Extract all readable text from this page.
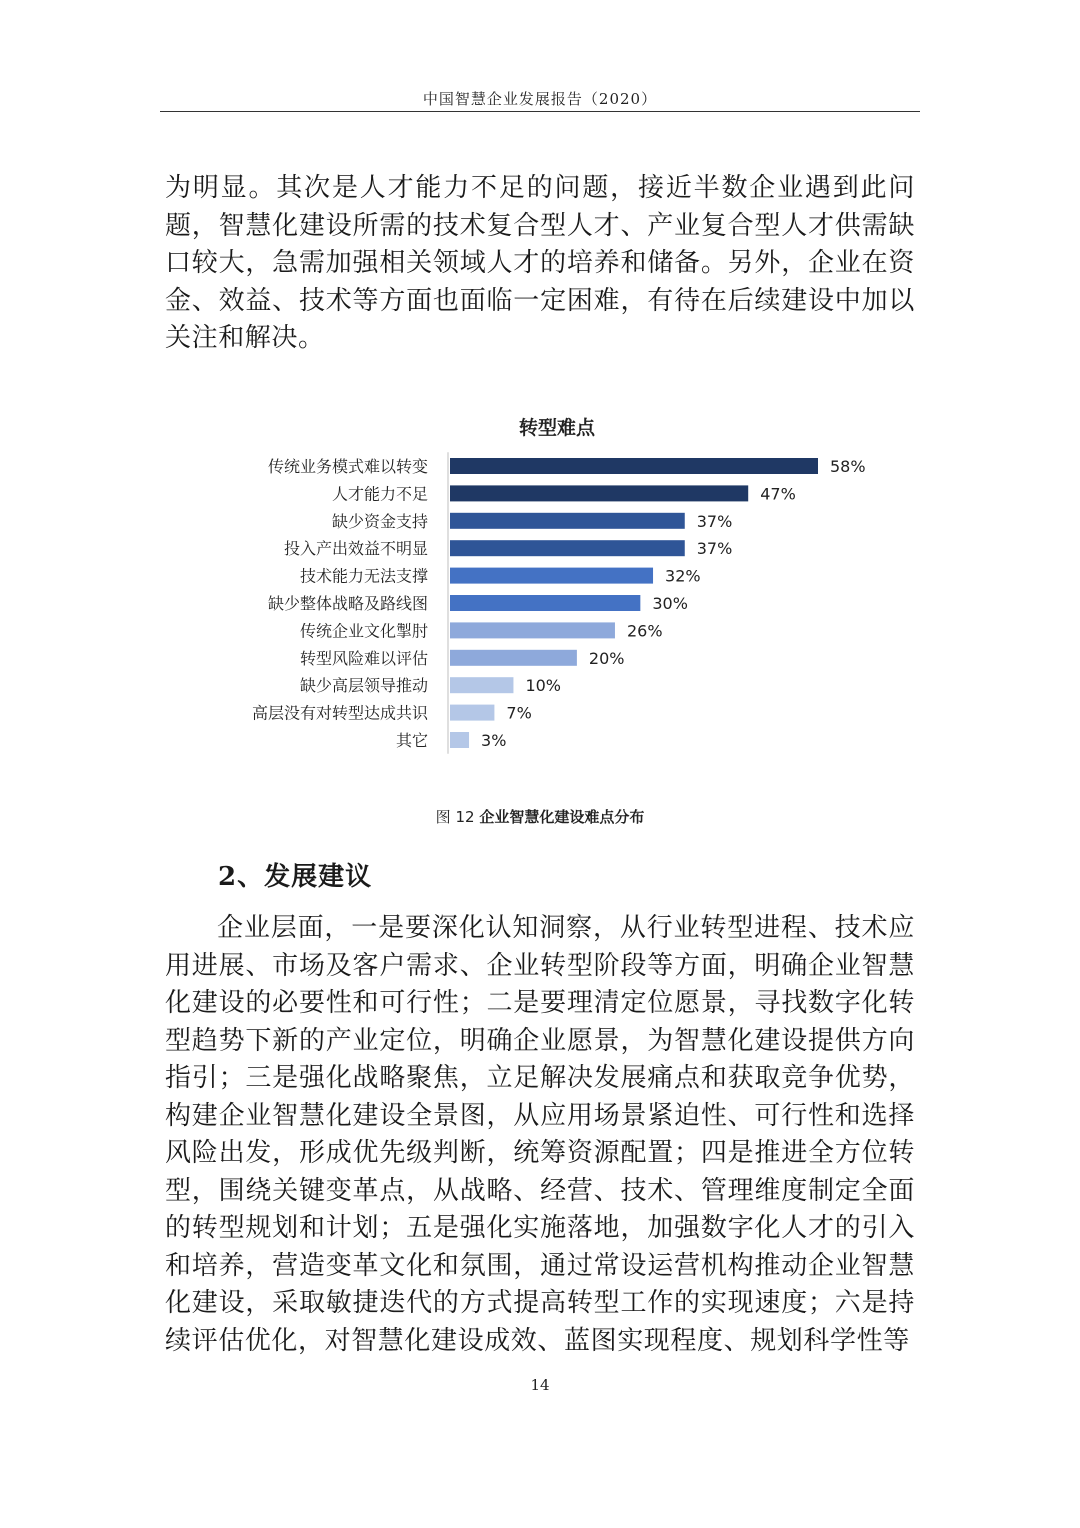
中国智慧企业发展报告（2020）

为明显。其次是人才能力不足的问题，接近半数企业遇到此问题，智慧化建设所需的技术复合型人才、产业复合型人才供需缺口较大，急需加强相关领域人才的培养和储备。另外，企业在资金、效益、技术等方面也面临一定困难，有待在后续建设中加以关注和解决。

转型难点
传统业务模式难以转变	58%
人才能力不足	47%
缺少资金支持	37%
投入产出效益不明显	37%
技术能力无法支撑	32%
缺少整体战略及路线图	30%
传统企业文化掣肘	26%
转型风险难以评估	20%
缺少高层领导推动	10%
高层没有对转型达成共识	7%
其它	3%
图 12 企业智慧化建设难点分布
2、发展建议

企业层面，一是要深化认知洞察，从行业转型进程、技术应用进展、市场及客户需求、企业转型阶段等方面，明确企业智慧化建设的必要性和可行性；二是要理清定位愿景，寻找数字化转型趋势下新的产业定位，明确企业愿景，为智慧化建设提供方向指引；三是强化战略聚焦，立足解决发展痛点和获取竞争优势，构建企业智慧化建设全景图，从应用场景紧迫性、可行性和选择风险出发，形成优先级判断，统筹资源配置；四是推进全方位转型，围绕关键变革点，从战略、经营、技术、管理维度制定全面的转型规划和计划；五是强化实施落地，加强数字化人才的引入和培养，营造变革文化和氛围，通过常设运营机构推动企业智慧化建设，采取敏捷迭代的方式提高转型工作的实现速度；六是持续评估优化，对智慧化建设成效、蓝图实现程度、规划科学性等

14
